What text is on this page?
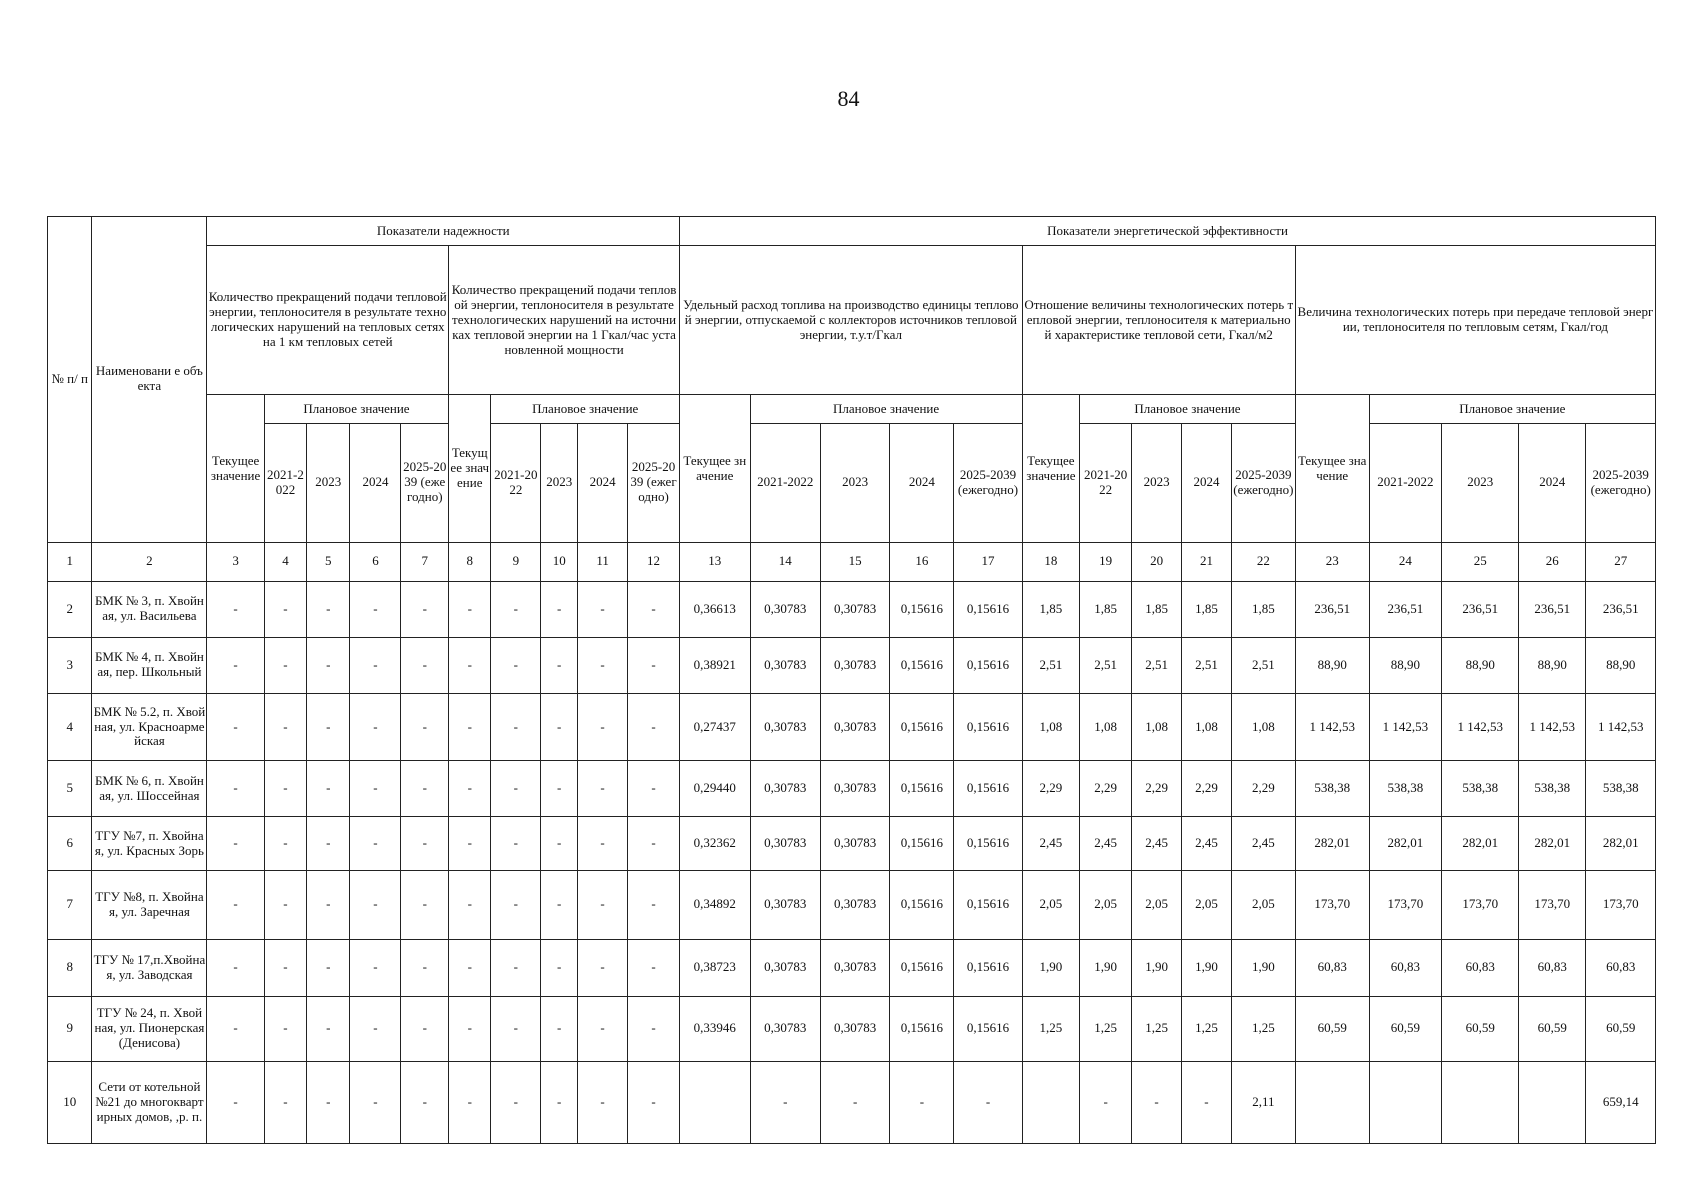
84
№ п/ п	Наименовани е объекта	Показатели надежности										Показатели энергетической эффективности														
		Количество прекращений подачи тепловой энергии, теплоносителя в результате технологических нарушений на тепловых сетях на 1 км тепловых сетей					Количество прекращений подачи тепловой энергии, теплоносителя в результате технологических нарушений на источниках тепловой энергии на 1 Гкал/час установленной мощности					Удельный расход топлива на производство единицы тепловой энергии, отпускаемой с коллекторов источников тепловой энергии, т.у.т/Гкал					Отношение величины технологических потерь тепловой энергии, теплоносителя к материальной характеристике тепловой сети, Гкал/м2					Величина технологических потерь при передаче тепловой энергии, теплоносителя по тепловым сетям, Гкал/год				
		Текущее значение	Плановое значение				Текущее значение	Плановое значение				Текущее значение	Плановое значение				Текущее значение	Плановое значение				Текущее значение	Плановое значение			
			2021-2022	2023	2024	2025-2039 (ежегодно)		2021-2022	2023	2024	2025-2039 (ежегодно)		2021-2022	2023	2024	2025-2039 (ежегодно)		2021-2022	2023	2024	2025-2039 (ежегодно)		2021-2022	2023	2024	2025-2039 (ежегодно)
1	2	3	4	5	6	7	8	9	10	11	12	13	14	15	16	17	18	19	20	21	22	23	24	25	26	27
2	БМК № 3, п. Хвойная, ул. Васильева	-	-	-	-	-	-	-	-	-	-	0,36613	0,30783	0,30783	0,15616	0,15616	1,85	1,85	1,85	1,85	1,85	236,51	236,51	236,51	236,51	236,51
3	БМК № 4, п. Хвойная, пер. Школьный	-	-	-	-	-	-	-	-	-	-	0,38921	0,30783	0,30783	0,15616	0,15616	2,51	2,51	2,51	2,51	2,51	88,90	88,90	88,90	88,90	88,90
4	БМК № 5.2, п. Хвойная, ул. Красноармейская	-	-	-	-	-	-	-	-	-	-	0,27437	0,30783	0,30783	0,15616	0,15616	1,08	1,08	1,08	1,08	1,08	1 142,53	1 142,53	1 142,53	1 142,53	1 142,53
5	БМК № 6, п. Хвойная, ул. Шоссейная	-	-	-	-	-	-	-	-	-	-	0,29440	0,30783	0,30783	0,15616	0,15616	2,29	2,29	2,29	2,29	2,29	538,38	538,38	538,38	538,38	538,38
6	ТГУ №7, п. Хвойная, ул. Красных Зорь	-	-	-	-	-	-	-	-	-	-	0,32362	0,30783	0,30783	0,15616	0,15616	2,45	2,45	2,45	2,45	2,45	282,01	282,01	282,01	282,01	282,01
7	ТГУ №8, п. Хвойная, ул. Заречная	-	-	-	-	-	-	-	-	-	-	0,34892	0,30783	0,30783	0,15616	0,15616	2,05	2,05	2,05	2,05	2,05	173,70	173,70	173,70	173,70	173,70
8	ТГУ № 17,п.Хвойная, ул. Заводская	-	-	-	-	-	-	-	-	-	-	0,38723	0,30783	0,30783	0,15616	0,15616	1,90	1,90	1,90	1,90	1,90	60,83	60,83	60,83	60,83	60,83
9	ТГУ № 24, п. Хвойная, ул. Пионерская (Денисова)	-	-	-	-	-	-	-	-	-	-	0,33946	0,30783	0,30783	0,15616	0,15616	1,25	1,25	1,25	1,25	1,25	60,59	60,59	60,59	60,59	60,59
10	Сети от котельной №21 до многоквартирных домов, ,р. п.	-	-	-	-	-	-	-	-	-	-		-	-	-	-		-	-	-	2,11					659,14
